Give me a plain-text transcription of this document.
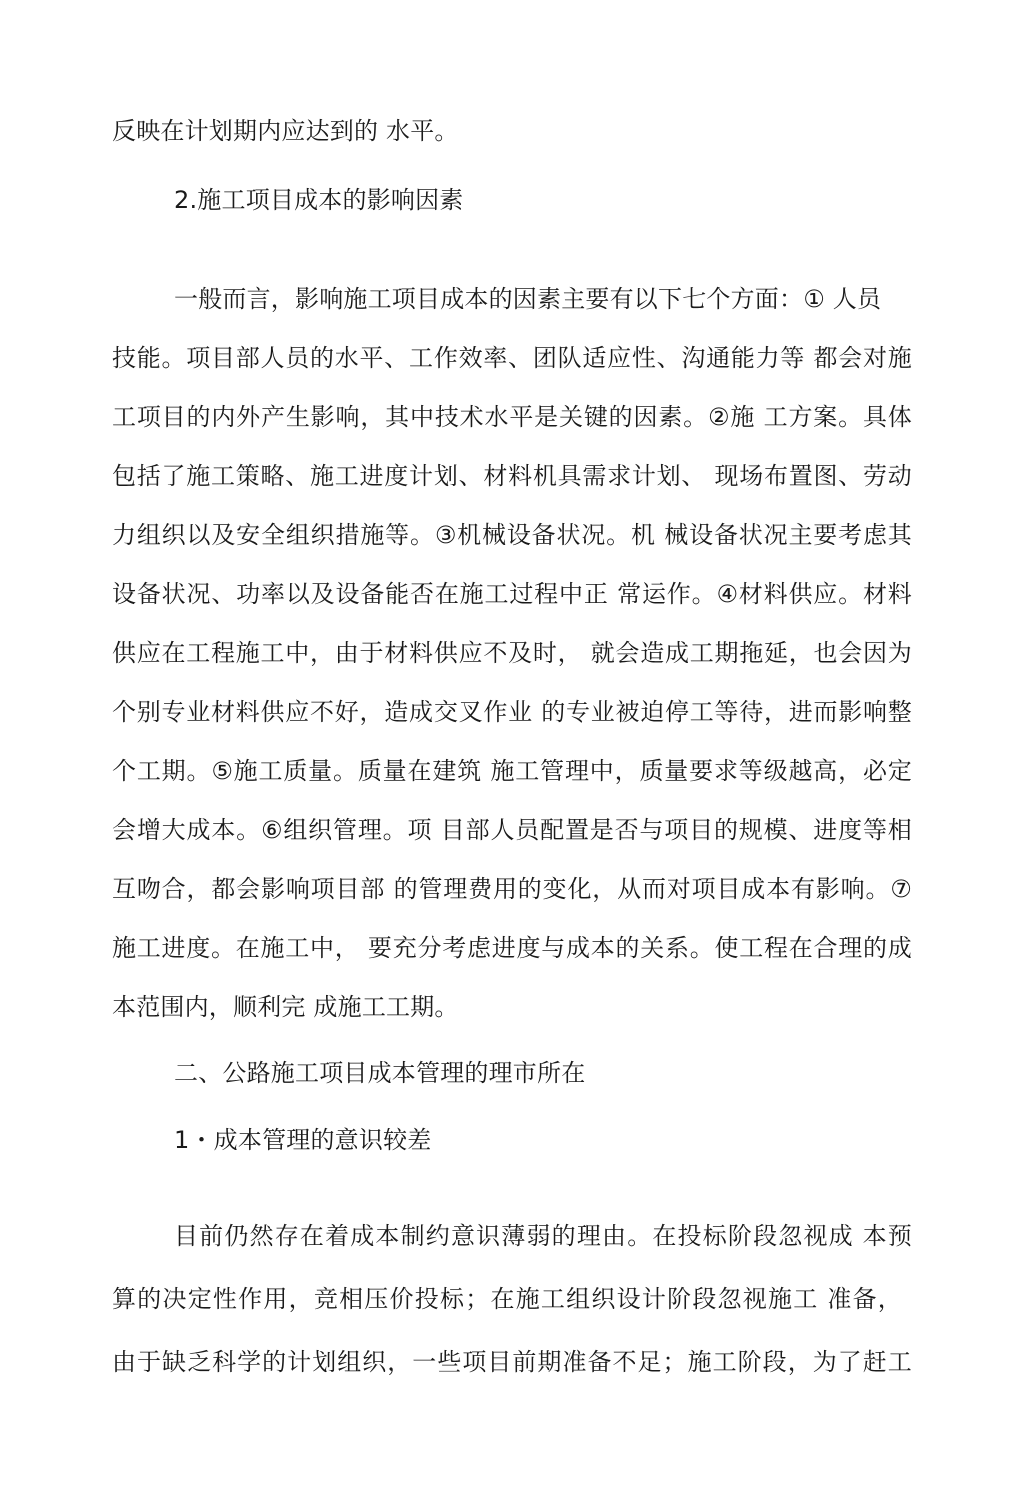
反映在计划期内应达到的 水平。
2.施工项目成本的影响因素
一般而言，影响施工项目成本的因素主要有以下七个方面：① 人员
技能。项目部人员的水平、工作效率、团队适应性、沟通能力等 都会对施
工项目的内外产生影响，其中技术水平是关键的因素。②施 工方案。具体
包括了施工策略、施工进度计划、材料机具需求计划、 现场布置图、劳动
力组织以及安全组织措施等。③机械设备状况。机 械设备状况主要考虑其
设备状况、功率以及设备能否在施工过程中正 常运作。④材料供应。材料
供应在工程施工中，由于材料供应不及时， 就会造成工期拖延，也会因为
个别专业材料供应不好，造成交叉作业 的专业被迫停工等待，进而影响整
个工期。⑤施工质量。质量在建筑 施工管理中，质量要求等级越高，必定
会增大成本。⑥组织管理。项 目部人员配置是否与项目的规模、进度等相
互吻合，都会影响项目部 的管理费用的变化，从而对项目成本有影响。⑦
施工进度。在施工中， 要充分考虑进度与成本的关系。使工程在合理的成
本范围内，顺利完 成施工工期。
二、公路施工项目成本管理的理市所在
1・成本管理的意识较差
目前仍然存在着成本制约意识薄弱的理由。在投标阶段忽视成 本预
算的决定性作用，竞相压价投标；在施工组织设计阶段忽视施工 准备，
由于缺乏科学的计划组织，一些项目前期准备不足；施工阶段，为了赶工
